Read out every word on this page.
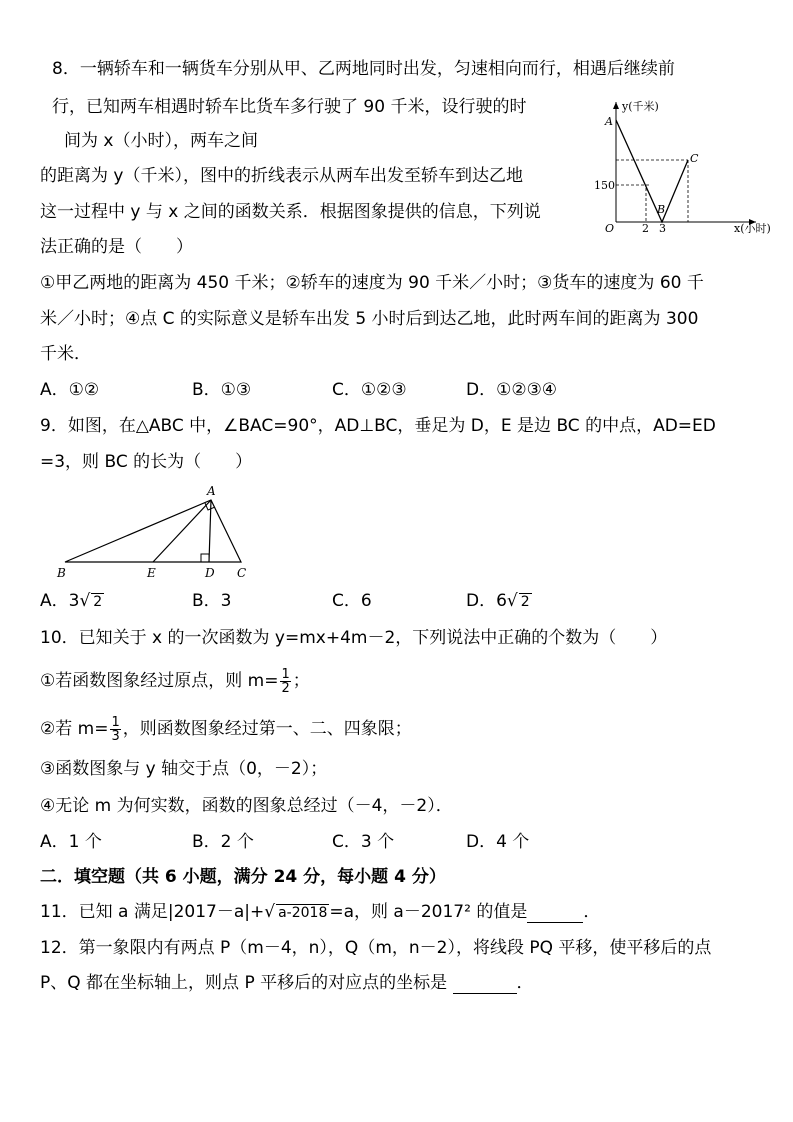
8．一辆轿车和一辆货车分别从甲、乙两地同时出发，匀速相向而行，相遇后继续前
行，已知两车相遇时轿车比货车多行驶了 90 千米，设行驶的时
间为 x（小时），两车之间
的距离为 y（千米），图中的折线表示从两车出发至轿车到达乙地
这一过程中 y 与 x 之间的函数关系．根据图象提供的信息，下列说
法正确的是（　　）
①甲乙两地的距离为 450 千米；②轿车的速度为 90 千米／小时；③货车的速度为 60 千
米／小时；④点 C 的实际意义是轿车出发 5 小时后到达乙地，此时两车间的距离为 300
千米．
A．①②	B．①③	C．①②③	D．①②③④
y(千米)
x(小时)
150
2 3
O
A
B
C
9．如图，在△ABC 中，∠BAC=90°，AD⊥BC，垂足为 D，E 是边 BC 的中点，AD=ED
=3，则 BC 的长为（　　）
A
B	E	D C
A．3√ 2	B．3	C．6	D．6√ 2
10．已知关于 x 的一次函数为 y=mx+4m－2，下列说法中正确的个数为（　　）
①若函数图象经过原点，则 $m= \frac{1}{2}$ ；
②若 $m= \frac{1}{3}$ ，则函数图象经过第一、二、四象限；
③函数图象与 y 轴交于点（0，－2）；
④无论 m 为何实数，函数的图象总经过（－4，－2）．
A．1 个	B．2 个	C．3 个	D．4 个
二．填空题（共 6 小题，满分 24 分，每小题 4 分）
11．已知 a 满足|2017－a|+√ a-2018 =a，则 a－2017² 的值是	．
12．第一象限内有两点 P（m－4，n），Q（m，n－2），将线段 PQ 平移，使平移后的点
P、Q 都在坐标轴上，则点 P 平移后的对应点的坐标是	．
